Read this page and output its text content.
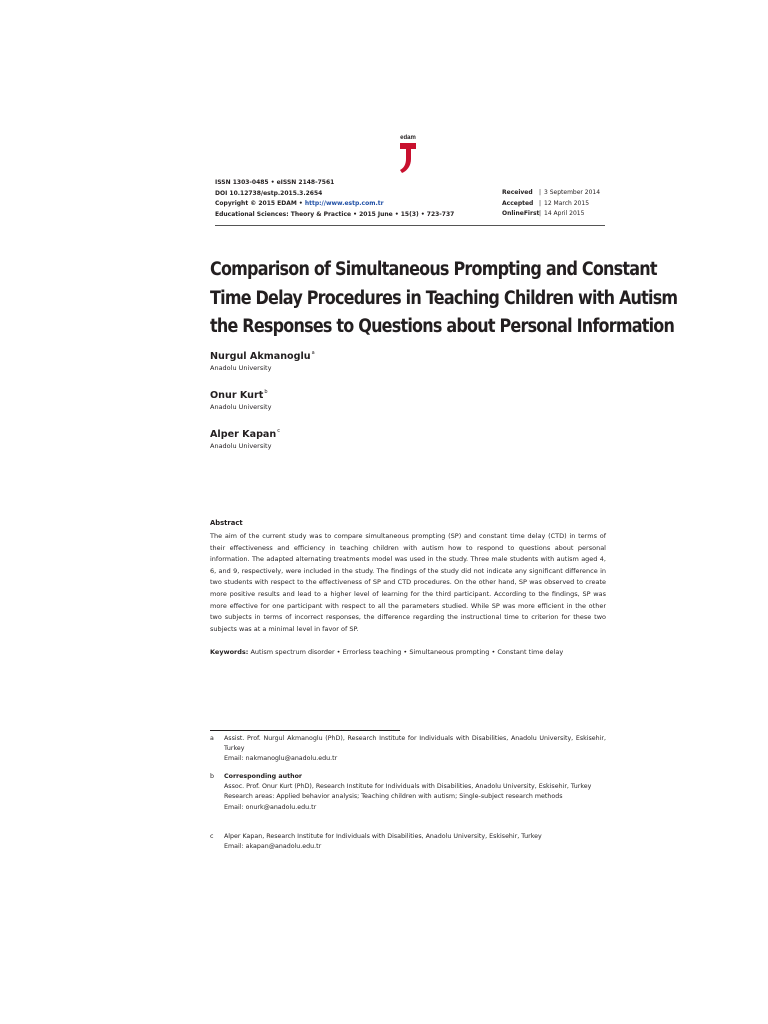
edam
ISSN 1303-0485 • eISSN 2148-7561
DOI 10.12738/estp.2015.3.2654
Copyright © 2015 EDAM • http://www.estp.com.tr
Educational Sciences: Theory & Practice • 2015 June • 15(3) • 723-737
Received	| 3 September 2014
Accepted | 12 March 2015
OnlineFirst | 14 April 2015
Comparison of Simultaneous Prompting and Constant
Time Delay Procedures in Teaching Children with Autism
the Responses to Questions about Personal Information
Nurgul Akmanoglu$^a$
Anadolu University
Onur Kurt$^b$
Anadolu University
Alper Kapan$^c$
Anadolu University
Abstract
The aim of the current study was to compare simultaneous prompting (SP) and constant time delay (CTD) in terms of their effectiveness and efficiency in teaching children with autism how to respond to questions about personal information. The adapted alternating treatments model was used in the study. Three male students with autism aged 4, 6, and 9, respectively, were included in the study. The findings of the study did not indicate any significant difference in two students with respect to the effectiveness of SP and CTD procedures. On the other hand, SP was observed to create more positive results and lead to a higher level of learning for the third participant. According to the findings, SP was more effective for one participant with respect to all the parameters studied. While SP was more efficient in the other two subjects in terms of incorrect responses, the difference regarding the instructional time to criterion for these two subjects was at a minimal level in favor of SP.
Keywords: Autism spectrum disorder • Errorless teaching • Simultaneous prompting • Constant time delay
a	Assist. Prof. Nurgul Akmanoglu (PhD), Research Institute for Individuals with Disabilities, Anadolu University, Eskisehir, Turkey
Email: nakmanoglu@anadolu.edu.tr
b	Corresponding author
Assoc. Prof. Onur Kurt (PhD), Research Institute for Individuals with Disabilities, Anadolu University, Eskisehir, Turkey
Research areas: Applied behavior analysis; Teaching children with autism; Single-subject research methods
Email: onurk@anadolu.edu.tr
c	Alper Kapan, Research Institute for Individuals with Disabilities, Anadolu University, Eskisehir, Turkey
Email: akapan@anadolu.edu.tr
